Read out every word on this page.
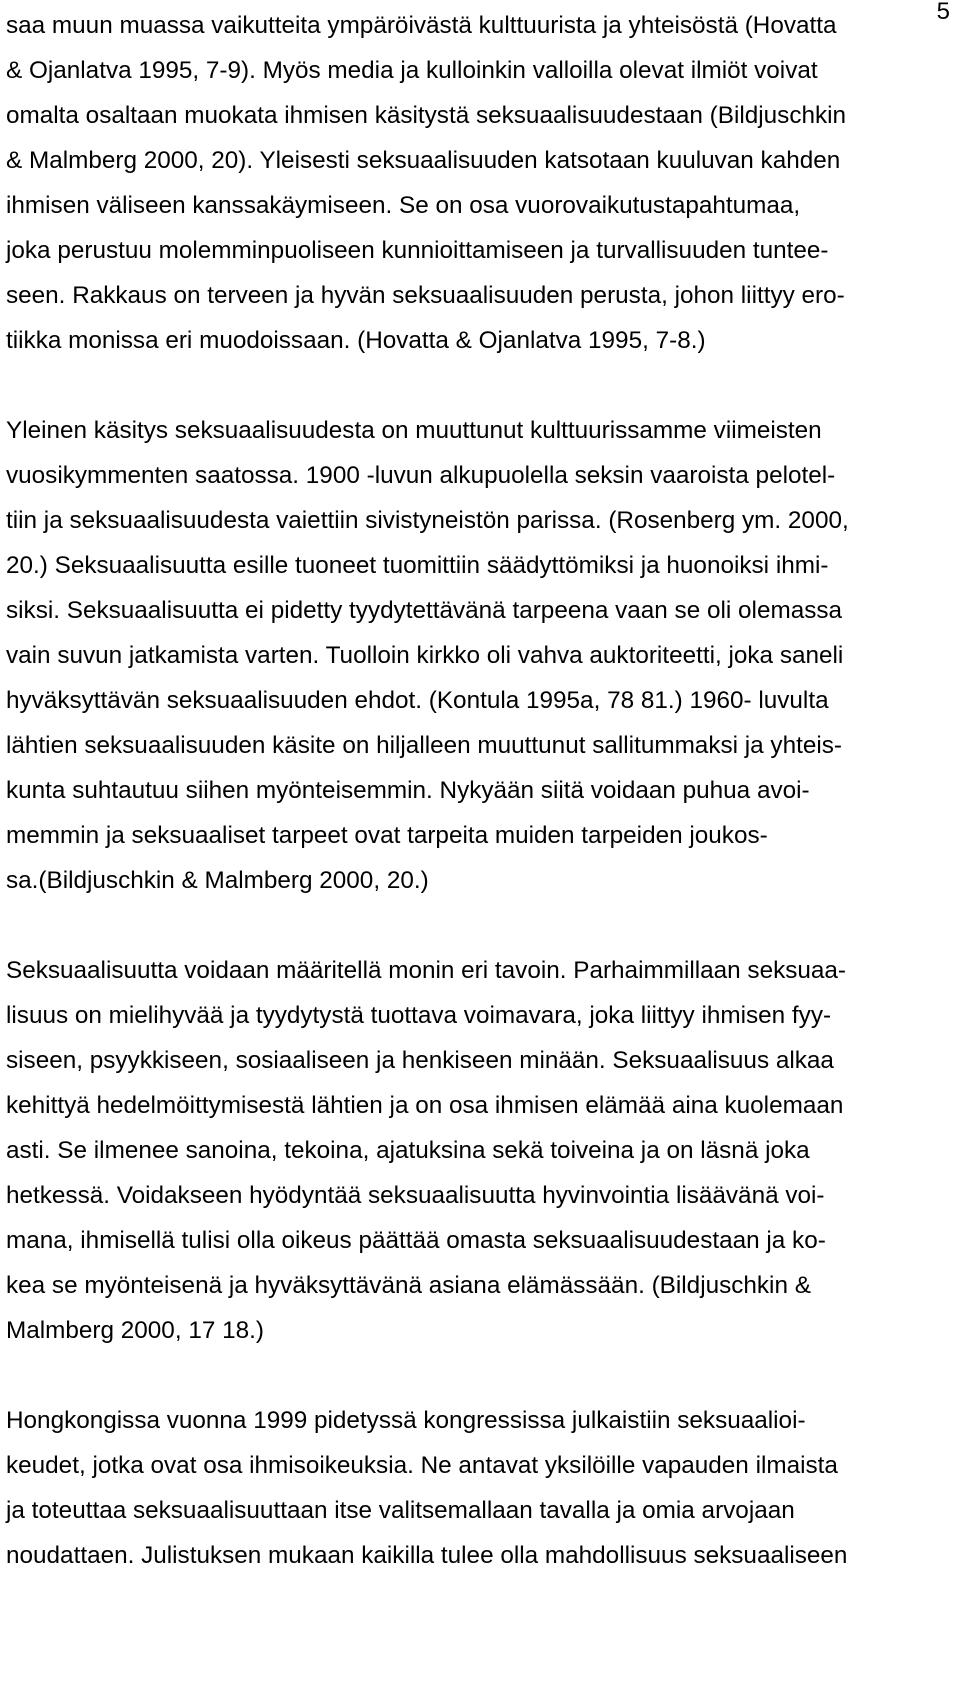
5
saa muun muassa vaikutteita ympäröivästä kulttuurista ja yhteisöstä (Hovatta
& Ojanlatva 1995, 7-9). Myös media ja kulloinkin valloilla olevat ilmiöt voivat
omalta osaltaan muokata ihmisen käsitystä seksuaalisuudestaan (Bildjuschkin
& Malmberg 2000, 20). Yleisesti seksuaalisuuden katsotaan kuuluvan kahden
ihmisen väliseen kanssakäymiseen. Se on osa vuorovaikutustapahtumaa,
joka perustuu molemminpuoliseen kunnioittamiseen ja turvallisuuden tuntee-
seen. Rakkaus on terveen ja hyvän seksuaalisuuden perusta, johon liittyy ero-
tiikka monissa eri muodoissaan. (Hovatta & Ojanlatva 1995, 7-8.)
Yleinen käsitys seksuaalisuudesta on muuttunut kulttuurissamme viimeisten
vuosikymmenten saatossa. 1900 -luvun alkupuolella seksin vaaroista pelotel-
tiin ja seksuaalisuudesta vaiettiin sivistyneistön parissa. (Rosenberg ym. 2000,
20.) Seksuaalisuutta esille tuoneet tuomittiin säädyttömiksi ja huonoiksi ihmi-
siksi. Seksuaalisuutta ei pidetty tyydytettävänä tarpeena vaan se oli olemassa
vain suvun jatkamista varten. Tuolloin kirkko oli vahva auktoriteetti, joka saneli
hyväksyttävän seksuaalisuuden ehdot. (Kontula 1995a, 78 81.) 1960- luvulta
lähtien seksuaalisuuden käsite on hiljalleen muuttunut sallitummaksi ja yhteis-
kunta suhtautuu siihen myönteisemmin. Nykyään siitä voidaan puhua avoi-
memmin ja seksuaaliset tarpeet ovat tarpeita muiden tarpeiden joukos-
sa.(Bildjuschkin & Malmberg 2000, 20.)
Seksuaalisuutta voidaan määritellä monin eri tavoin. Parhaimmillaan seksuaa-
lisuus on mielihyvää ja tyydytystä tuottava voimavara, joka liittyy ihmisen fyy-
siseen, psyykkiseen, sosiaaliseen ja henkiseen minään. Seksuaalisuus alkaa
kehittyä hedelmöittymisestä lähtien ja on osa ihmisen elämää aina kuolemaan
asti. Se ilmenee sanoina, tekoina, ajatuksina sekä toiveina ja on läsnä joka
hetkessä. Voidakseen hyödyntää seksuaalisuutta hyvinvointia lisäävänä voi-
mana, ihmisellä tulisi olla oikeus päättää omasta seksuaalisuudestaan ja ko-
kea se myönteisenä ja hyväksyttävänä asiana elämässään. (Bildjuschkin &
Malmberg 2000, 17 18.)
Hongkongissa vuonna 1999 pidetyssä kongressissa julkaistiin seksuaalioi-
keudet, jotka ovat osa ihmisoikeuksia. Ne antavat yksilöille vapauden ilmaista
ja toteuttaa seksuaalisuuttaan itse valitsemallaan tavalla ja omia arvojaan
noudattaen. Julistuksen mukaan kaikilla tulee olla mahdollisuus seksuaaliseen
